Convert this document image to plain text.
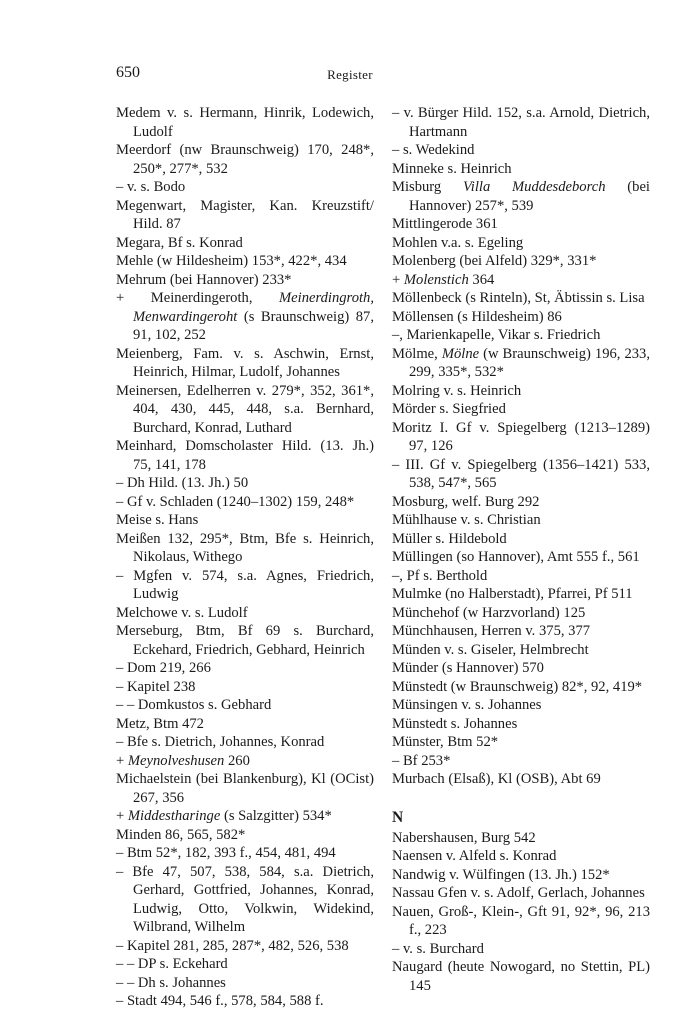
650	Register

Medem v. s. Hermann, Hinrik, Lodewich, Ludolf

Meerdorf (nw Braunschweig) 170, 248*, 250*, 277*, 532

– v. s. Bodo

Megenwart, Magister, Kan. Kreuzstift/ Hild. 87

Megara, Bf s. Konrad

Mehle (w Hildesheim) 153*, 422*, 434

Mehrum (bei Hannover) 233*

+ Meinerdingeroth, Meinerdingroth, Menwardingeroht (s Braunschweig) 87, 91, 102, 252

Meienberg, Fam. v. s. Aschwin, Ernst, Heinrich, Hilmar, Ludolf, Johannes

Meinersen, Edelherren v. 279*, 352, 361*, 404, 430, 445, 448, s.a. Bernhard, Burchard, Konrad, Luthard

Meinhard, Domscholaster Hild. (13. Jh.) 75, 141, 178

– Dh Hild. (13. Jh.) 50

– Gf v. Schladen (1240–1302) 159, 248*

Meise s. Hans

Meißen 132, 295*, Btm, Bfe s. Heinrich, Nikolaus, Withego

– Mgfen v. 574, s.a. Agnes, Friedrich, Ludwig

Melchowe v. s. Ludolf

Merseburg, Btm, Bf 69 s. Burchard, Eckehard, Friedrich, Gebhard, Heinrich

– Dom 219, 266

– Kapitel 238

– – Domkustos s. Gebhard

Metz, Btm 472

– Bfe s. Dietrich, Johannes, Konrad

+ Meynolveshusen 260

Michaelstein (bei Blankenburg), Kl (OCist) 267, 356

+ Middestharinge (s Salzgitter) 534*

Minden 86, 565, 582*

– Btm 52*, 182, 393 f., 454, 481, 494

– Bfe 47, 507, 538, 584, s.a. Dietrich, Gerhard, Gottfried, Johannes, Konrad, Ludwig, Otto, Volkwin, Widekind, Wilbrand, Wilhelm

– Kapitel 281, 285, 287*, 482, 526, 538

– – DP s. Eckehard

– – Dh s. Johannes

– Stadt 494, 546 f., 578, 584, 588 f.

– v. Bürger Hild. 152, s.a. Arnold, Dietrich, Hartmann

– s. Wedekind

Minneke s. Heinrich

Misburg Villa Muddesdeborch (bei Hannover) 257*, 539

Mittlingerode 361

Mohlen v.a. s. Egeling

Molenberg (bei Alfeld) 329*, 331*

+ Molenstich 364

Möllenbeck (s Rinteln), St, Äbtissin s. Lisa

Möllensen (s Hildesheim) 86

–, Marienkapelle, Vikar s. Friedrich

Mölme, Mölne (w Braunschweig) 196, 233, 299, 335*, 532*

Molring v. s. Heinrich

Mörder s. Siegfried

Moritz I. Gf v. Spiegelberg (1213–1289) 97, 126

– III. Gf v. Spiegelberg (1356–1421) 533, 538, 547*, 565

Mosburg, welf. Burg 292

Mühlhause v. s. Christian

Müller s. Hildebold

Müllingen (so Hannover), Amt 555 f., 561

–, Pf s. Berthold

Mulmke (no Halberstadt), Pfarrei, Pf 511

Münchehof (w Harzvorland) 125

Münchhausen, Herren v. 375, 377

Münden v. s. Giseler, Helmbrecht

Münder (s Hannover) 570

Münstedt (w Braunschweig) 82*, 92, 419*

Münsingen v. s. Johannes

Münstedt s. Johannes

Münster, Btm 52*

– Bf 253*

Murbach (Elsaß), Kl (OSB), Abt 69

N

Nabershausen, Burg 542

Naensen v. Alfeld s. Konrad

Nandwig v. Wülfingen (13. Jh.) 152*

Nassau Gfen v. s. Adolf, Gerlach, Johannes

Nauen, Groß-, Klein-, Gft 91, 92*, 96, 213 f., 223

– v. s. Burchard

Naugard (heute Nowogard, no Stettin, PL) 145
